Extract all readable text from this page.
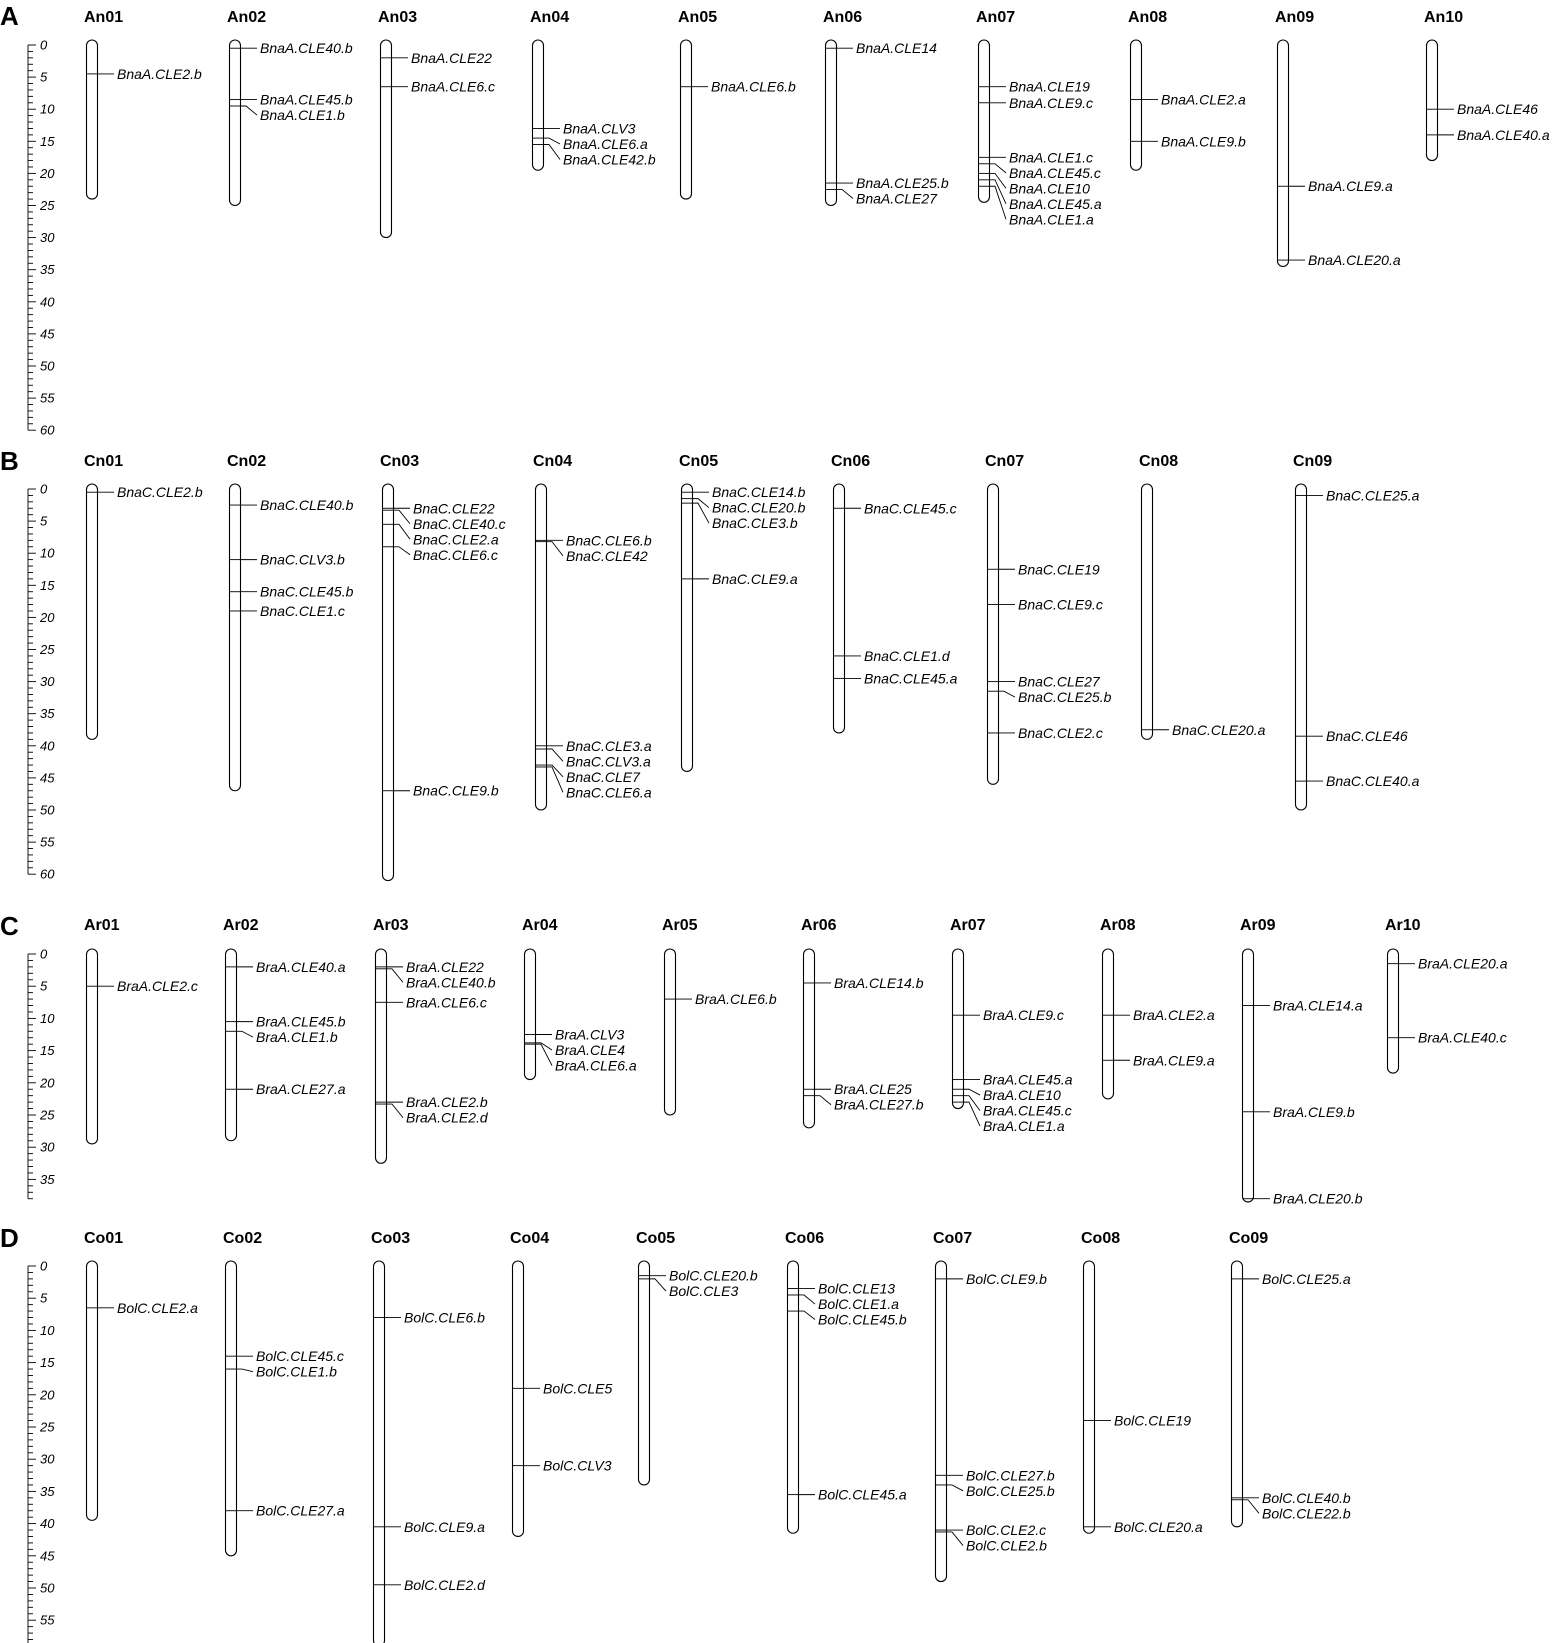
A
0
5
10
15
20
25
30
35
40
45
50
55
60
An01
BnaA.CLE2.b
An02
BnaA.CLE40.b
BnaA.CLE45.b
BnaA.CLE1.b
An03
BnaA.CLE22
BnaA.CLE6.c
An04
BnaA.CLV3
BnaA.CLE6.a
BnaA.CLE42.b
An05
BnaA.CLE6.b
An06
BnaA.CLE14
BnaA.CLE25.b
BnaA.CLE27
An07
BnaA.CLE19
BnaA.CLE9.c
BnaA.CLE1.c
BnaA.CLE45.c
BnaA.CLE10
BnaA.CLE45.a
BnaA.CLE1.a
An08
BnaA.CLE2.a
BnaA.CLE9.b
An09
BnaA.CLE9.a
BnaA.CLE20.a
An10
BnaA.CLE46
BnaA.CLE40.a
B
0
5
10
15
20
25
30
35
40
45
50
55
60
Cn01
BnaC.CLE2.b
Cn02
BnaC.CLE40.b
BnaC.CLV3.b
BnaC.CLE45.b
BnaC.CLE1.c
Cn03
BnaC.CLE22
BnaC.CLE40.c
BnaC.CLE2.a
BnaC.CLE6.c
BnaC.CLE9.b
Cn04
BnaC.CLE6.b
BnaC.CLE42
BnaC.CLE3.a
BnaC.CLV3.a
BnaC.CLE7
BnaC.CLE6.a
Cn05
BnaC.CLE14.b
BnaC.CLE20.b
BnaC.CLE3.b
BnaC.CLE9.a
Cn06
BnaC.CLE45.c
BnaC.CLE1.d
BnaC.CLE45.a
Cn07
BnaC.CLE19
BnaC.CLE9.c
BnaC.CLE27
BnaC.CLE25.b
BnaC.CLE2.c
Cn08
BnaC.CLE20.a
Cn09
BnaC.CLE25.a
BnaC.CLE46
BnaC.CLE40.a
C
0
5
10
15
20
25
30
35
Ar01
BraA.CLE2.c
Ar02
BraA.CLE40.a
BraA.CLE45.b
BraA.CLE1.b
BraA.CLE27.a
Ar03
BraA.CLE22
BraA.CLE40.b
BraA.CLE6.c
BraA.CLE2.b
BraA.CLE2.d
Ar04
BraA.CLV3
BraA.CLE4
BraA.CLE6.a
Ar05
BraA.CLE6.b
Ar06
BraA.CLE14.b
BraA.CLE25
BraA.CLE27.b
Ar07
BraA.CLE9.c
BraA.CLE45.a
BraA.CLE10
BraA.CLE45.c
BraA.CLE1.a
Ar08
BraA.CLE2.a
BraA.CLE9.a
Ar09
BraA.CLE14.a
BraA.CLE9.b
BraA.CLE20.b
Ar10
BraA.CLE20.a
BraA.CLE40.c
D
0
5
10
15
20
25
30
35
40
45
50
55
Co01
BolC.CLE2.a
Co02
BolC.CLE45.c
BolC.CLE1.b
BolC.CLE27.a
Co03
BolC.CLE6.b
BolC.CLE9.a
BolC.CLE2.d
Co04
BolC.CLE5
BolC.CLV3
Co05
BolC.CLE20.b
BolC.CLE3
Co06
BolC.CLE13
BolC.CLE1.a
BolC.CLE45.b
BolC.CLE45.a
Co07
BolC.CLE9.b
BolC.CLE27.b
BolC.CLE25.b
BolC.CLE2.c
BolC.CLE2.b
Co08
BolC.CLE19
BolC.CLE20.a
Co09
BolC.CLE25.a
BolC.CLE40.b
BolC.CLE22.b
